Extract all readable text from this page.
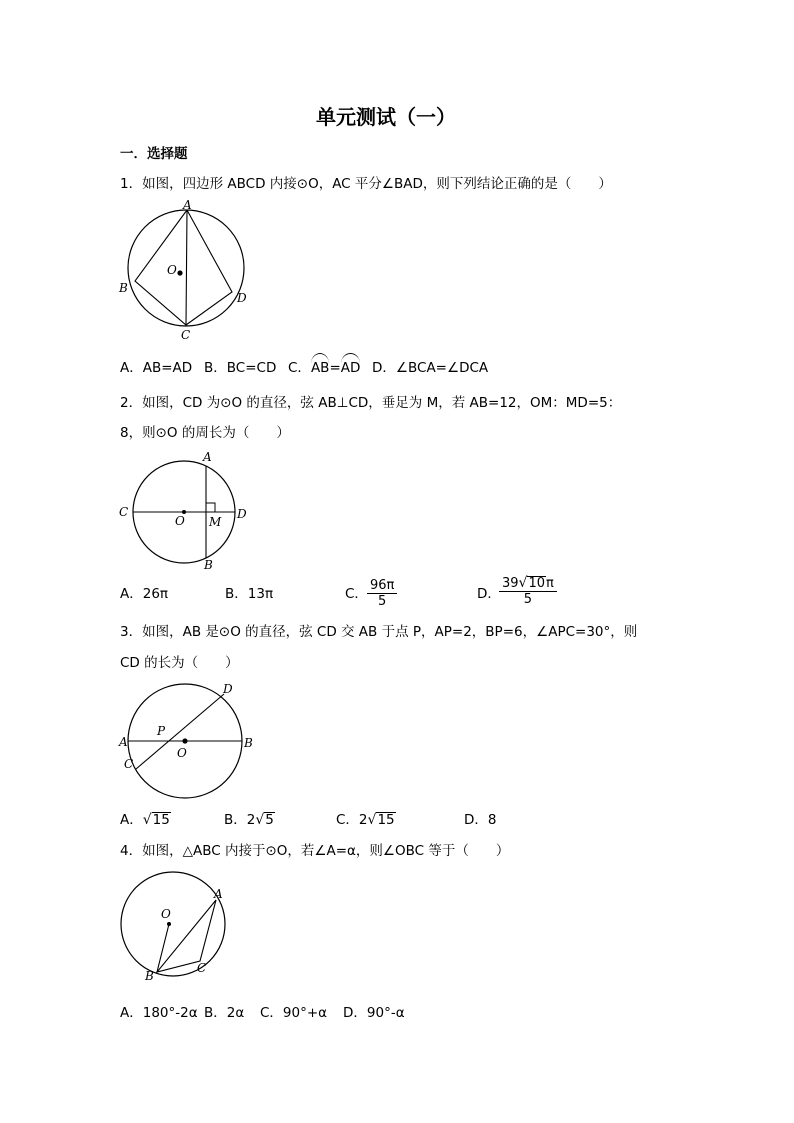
单元测试（一）
一．选择题
1．如图，四边形 ABCD 内接⊙O，AC 平分∠BAD，则下列结论正确的是（　　）
A
O
B
D
C
A．AB=AD B．BC=CD C．AB=AD D．∠BCA=∠DCA
2．如图，CD 为⊙O 的直径，弦 AB⊥CD，垂足为 M，若 AB=12，OM：MD=5：
8，则⊙O 的周长为（　　）
A
C
O M
D
B
A．26π	B．13π	C． $\frac{96\pi}{5}$	D．
$\frac{39√10\pi}{5}$
3．如图，AB 是⊙O 的直径，弦 CD 交 AB 于点 P，AP=2，BP=6，∠APC=30°，则
CD 的长为（　　）
D
P
A	B
O
C
A．√15	B．2√5	C．2√15	D．8
4．如图，△ABC 内接于⊙O，若∠A=α，则∠OBC 等于（　　）
O
A
C
B
A．180°-2α B．2α C．90°+α D．90°-α
